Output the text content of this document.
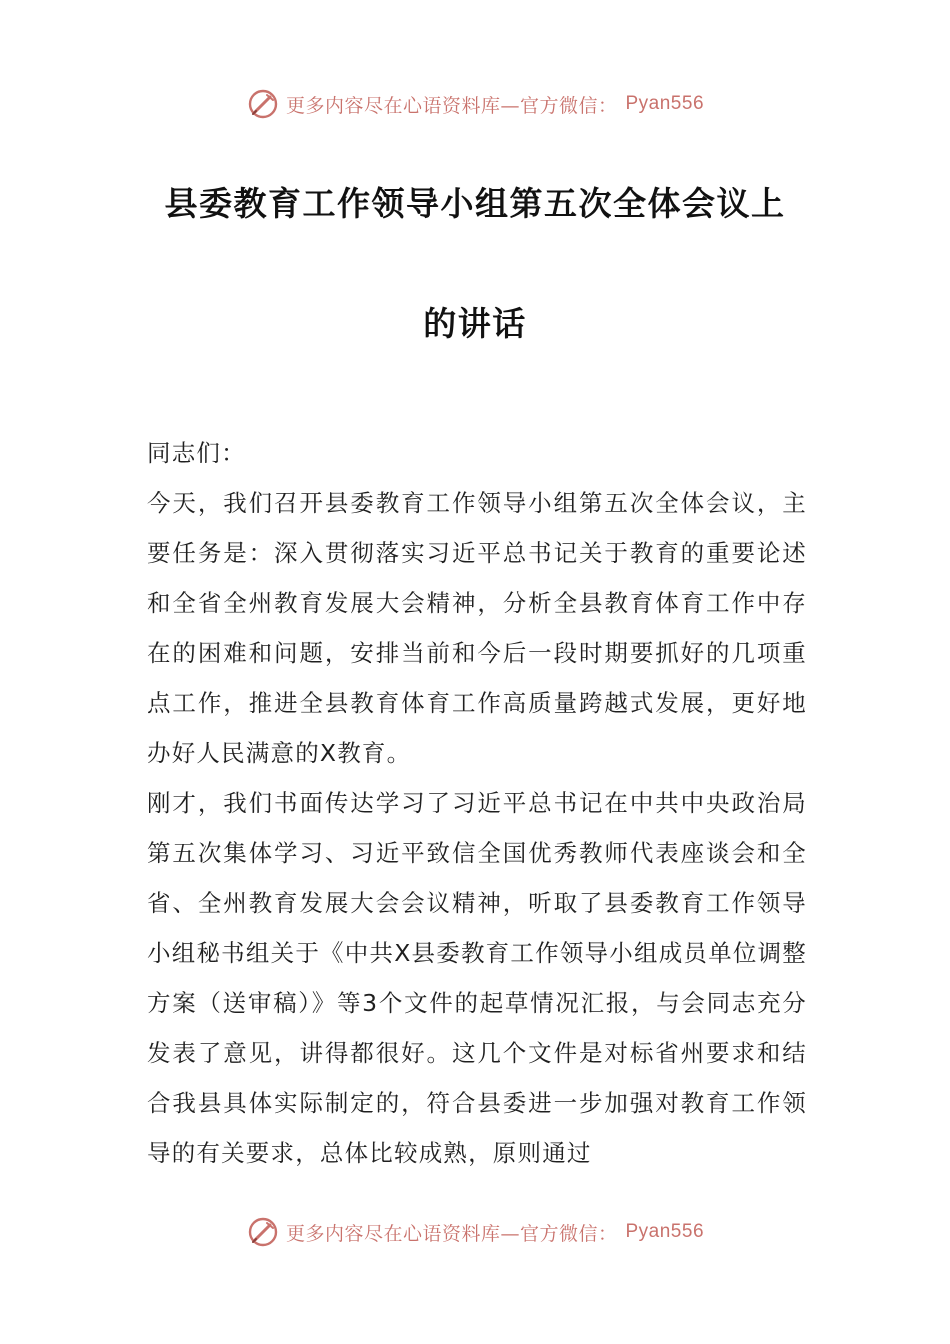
更多内容尽在心语资料库—官方微信： Pyan556
县委教育工作领导小组第五次全体会议上
的讲话

同志们：

今天，我们召开县委教育工作领导小组第五次全体会议，主要任务是：深入贯彻落实习近平总书记关于教育的重要论述和全省全州教育发展大会精神，分析全县教育体育工作中存在的困难和问题，安排当前和今后一段时期要抓好的几项重点工作，推进全县教育体育工作高质量跨越式发展，更好地办好人民满意的X教育。

刚才，我们书面传达学习了习近平总书记在中共中央政治局第五次集体学习、习近平致信全国优秀教师代表座谈会和全省、全州教育发展大会会议精神，听取了县委教育工作领导小组秘书组关于《中共X县委教育工作领导小组成员单位调整方案（送审稿）》等3个文件的起草情况汇报，与会同志充分发表了意见，讲得都很好。这几个文件是对标省州要求和结合我县具体实际制定的，符合县委进一步加强对教育工作领导的有关要求，总体比较成熟，原则通过

更多内容尽在心语资料库—官方微信： Pyan556
